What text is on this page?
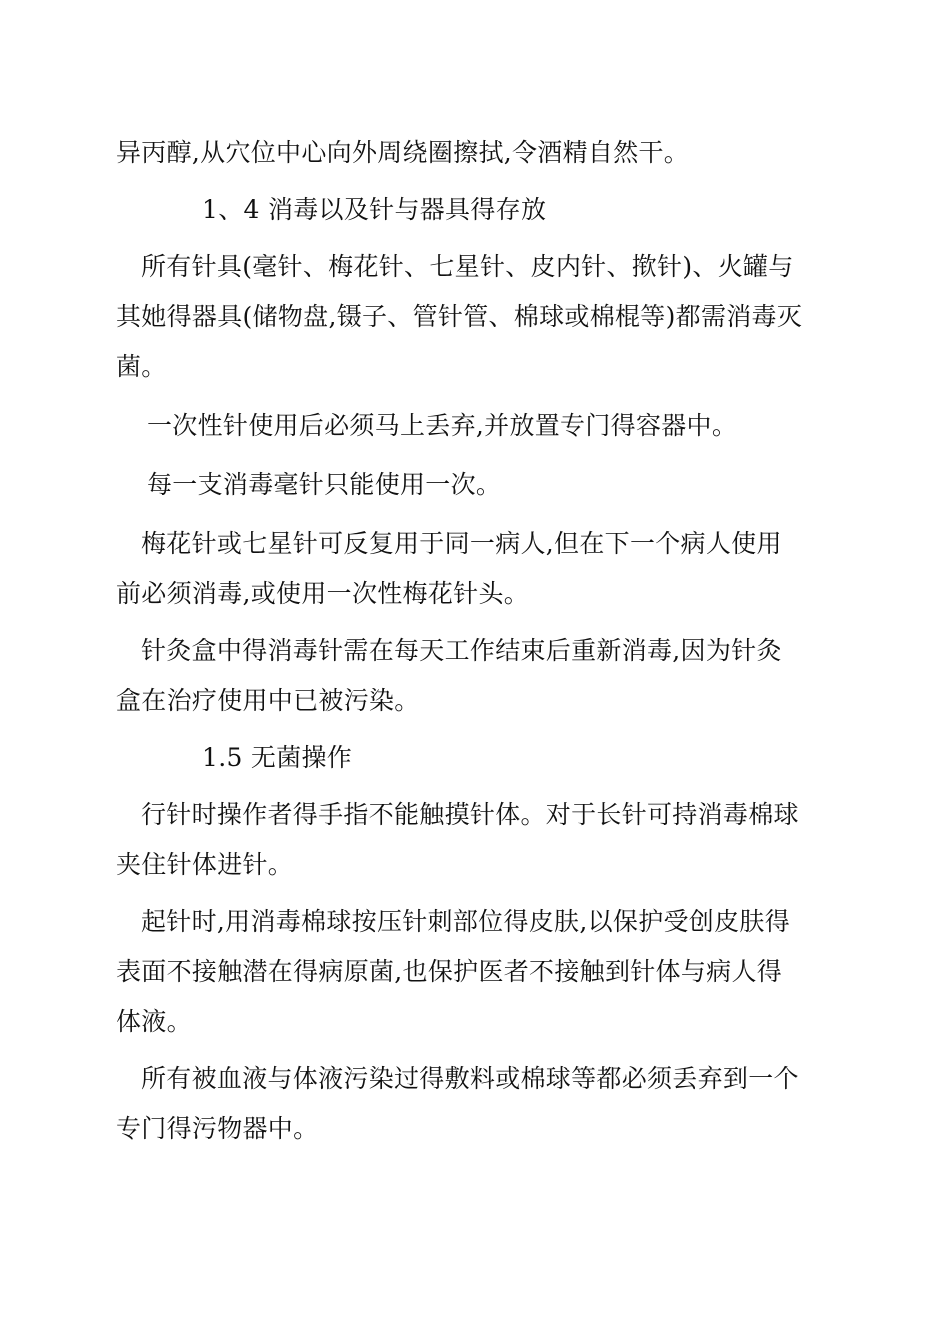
异丙醇,从穴位中心向外周绕圈擦拭,令酒精自然干。

1、4 消毒以及针与器具得存放

所有针具(毫针、梅花针、七星针、皮内针、揿针)、火罐与其她得器具(储物盘,镊子、管针管、棉球或棉棍等)都需消毒灭菌。

一次性针使用后必须马上丢弃,并放置专门得容器中。

每一支消毒毫针只能使用一次。

梅花针或七星针可反复用于同一病人,但在下一个病人使用前必须消毒,或使用一次性梅花针头。

针灸盒中得消毒针需在每天工作结束后重新消毒,因为针灸盒在治疗使用中已被污染。

1.5 无菌操作

行针时操作者得手指不能触摸针体。对于长针可持消毒棉球夹住针体进针。

起针时,用消毒棉球按压针刺部位得皮肤,以保护受创皮肤得表面不接触潜在得病原菌,也保护医者不接触到针体与病人得体液。

所有被血液与体液污染过得敷料或棉球等都必须丢弃到一个专门得污物器中。
